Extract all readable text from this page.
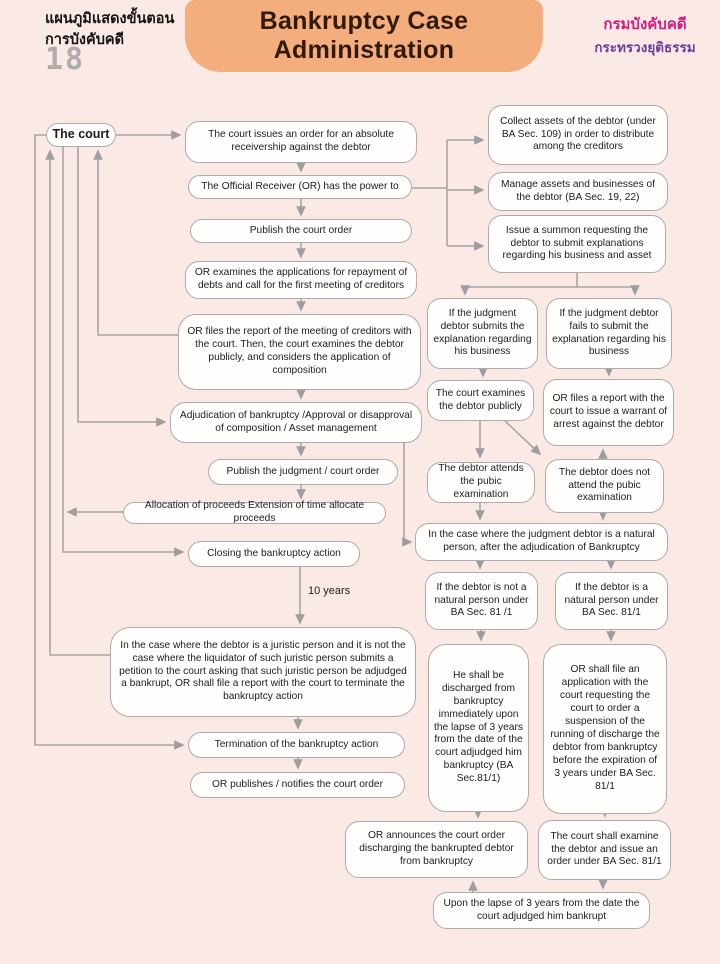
แผนภูมิแสดงขั้นตอน
การบังคับคดี
18
Bankruptcy Case
Administration
กรมบังคับคดี
กระทรวงยุติธรรม
10 years
The court	The court issues an order for an absolute receivership against the debtor
The Official Receiver (OR) has the power to
Publish the court order
OR examines the applications for repayment of debts and call for the first meeting of creditors
OR files the report of the meeting of creditors with the court. Then, the court examines the debtor publicly, and considers the application of composition
Adjudication of bankruptcy /Approval or disapproval of composition / Asset management
Publish the judgment / court order
Allocation of proceeds Extension of time allocate proceeds
Closing the bankruptcy action
In the case where the debtor is a juristic person and it is not the case where the liquidator of such juristic person submits a petition to the court asking that such juristic person be adjudged a bankrupt, OR shall file a report with the court to terminate the bankruptcy action
Termination of the bankruptcy action
OR publishes / notifies the court order
Collect assets of the debtor (under BA Sec. 109) in order to distribute among the creditors
Manage assets and businesses of the debtor (BA Sec. 19, 22)
Issue a summon requesting the debtor to submit explanations regarding his business and asset
If the judgment debtor submits the explanation regarding his business
If the judgment debtor fails to submit the explanation regarding his business
The court examines the debtor publicly
OR files a report with the court to issue a warrant of arrest against the debtor
The debtor attends the pubic examination
The debtor does not attend the pubic examination
In the case where the judgment debtor is a natural person, after the adjudication of Bankruptcy
If the debtor is not a natural person under BA Sec. 81 /1
If the debtor is a natural person under BA Sec. 81/1
He shall be discharged from bankruptcy immediately upon the lapse of 3 years from the date of the court adjudged him bankruptcy (BA Sec.81/1)
OR shall file an application with the court requesting the court to order a suspension of the running of discharge the debtor from bankruptcy before the expiration of 3 years under BA Sec. 81/1
OR announces the court order discharging the bankrupted debtor from bankruptcy
The court shall examine the debtor and issue an order under BA Sec. 81/1
Upon the lapse of 3 years from the date the court adjudged him bankrupt
